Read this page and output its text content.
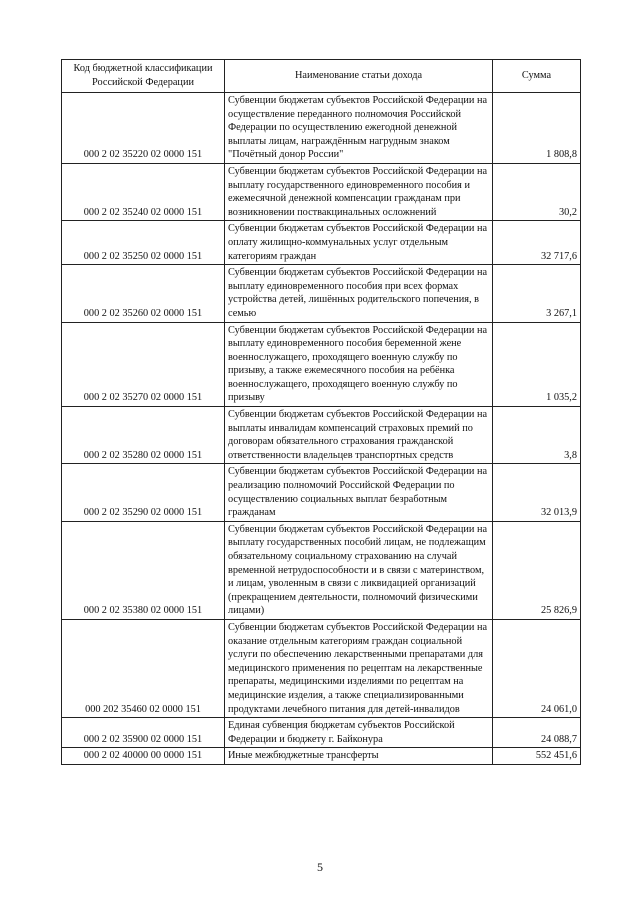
Код бюджетной классификации Российской Федерации	Наименование статьи дохода	Сумма
000 2 02 35220 02 0000 151	Субвенции бюджетам субъектов Российской Федерации на осуществление переданного полномочия Российской Федерации по осуществлению ежегодной денежной выплаты лицам, награждённым нагрудным знаком "Почётный донор России"	1 808,8
000 2 02 35240 02 0000 151	Субвенции бюджетам субъектов Российской Федерации на выплату государственного единовременного пособия и ежемесячной денежной компенсации гражданам при возникновении поствакцинальных осложнений	30,2
000 2 02 35250 02 0000 151	Субвенции бюджетам субъектов Российской Федерации на оплату жилищно-коммунальных услуг отдельным категориям граждан	32 717,6
000 2 02 35260 02 0000 151	Субвенции бюджетам субъектов Российской Федерации на выплату единовременного пособия при всех формах устройства детей, лишённых родительского попечения, в семью	3 267,1
000 2 02 35270 02 0000 151	Субвенции бюджетам субъектов Российской Федерации на выплату единовременного пособия беременной жене военнослужащего, проходящего военную службу по призыву, а также ежемесячного пособия на ребёнка военнослужащего, проходящего военную службу по призыву	1 035,2
000 2 02 35280 02 0000 151	Субвенции бюджетам субъектов Российской Федерации на выплаты инвалидам компенсаций страховых премий по договорам обязательного страхования гражданской ответственности владельцев транспортных средств	3,8
000 2 02 35290 02 0000 151	Субвенции бюджетам субъектов Российской Федерации на реализацию полномочий Российской Федерации по осуществлению социальных выплат безработным гражданам	32 013,9
000 2 02 35380 02 0000 151	Субвенции бюджетам субъектов Российской Федерации на выплату государственных пособий лицам, не подлежащим обязательному социальному страхованию на случай временной нетрудоспособности и в связи с материнством, и лицам, уволенным в связи с ликвидацией организаций (прекращением деятельности, полномочий физическими лицами)	25 826,9
000 202 35460 02 0000 151	Субвенции бюджетам субъектов Российской Федерации на оказание отдельным категориям граждан социальной услуги по обеспечению лекарственными препаратами для медицинского применения по рецептам на лекарственные препараты, медицинскими изделиями по рецептам на медицинские изделия, а также специализированными продуктами лечебного питания для детей-инвалидов	24 061,0
000 2 02 35900 02 0000 151	Единая субвенция бюджетам субъектов Российской Федерации и бюджету г. Байконура	24 088,7
000 2 02 40000 00 0000 151	Иные межбюджетные трансферты	552 451,6
5
